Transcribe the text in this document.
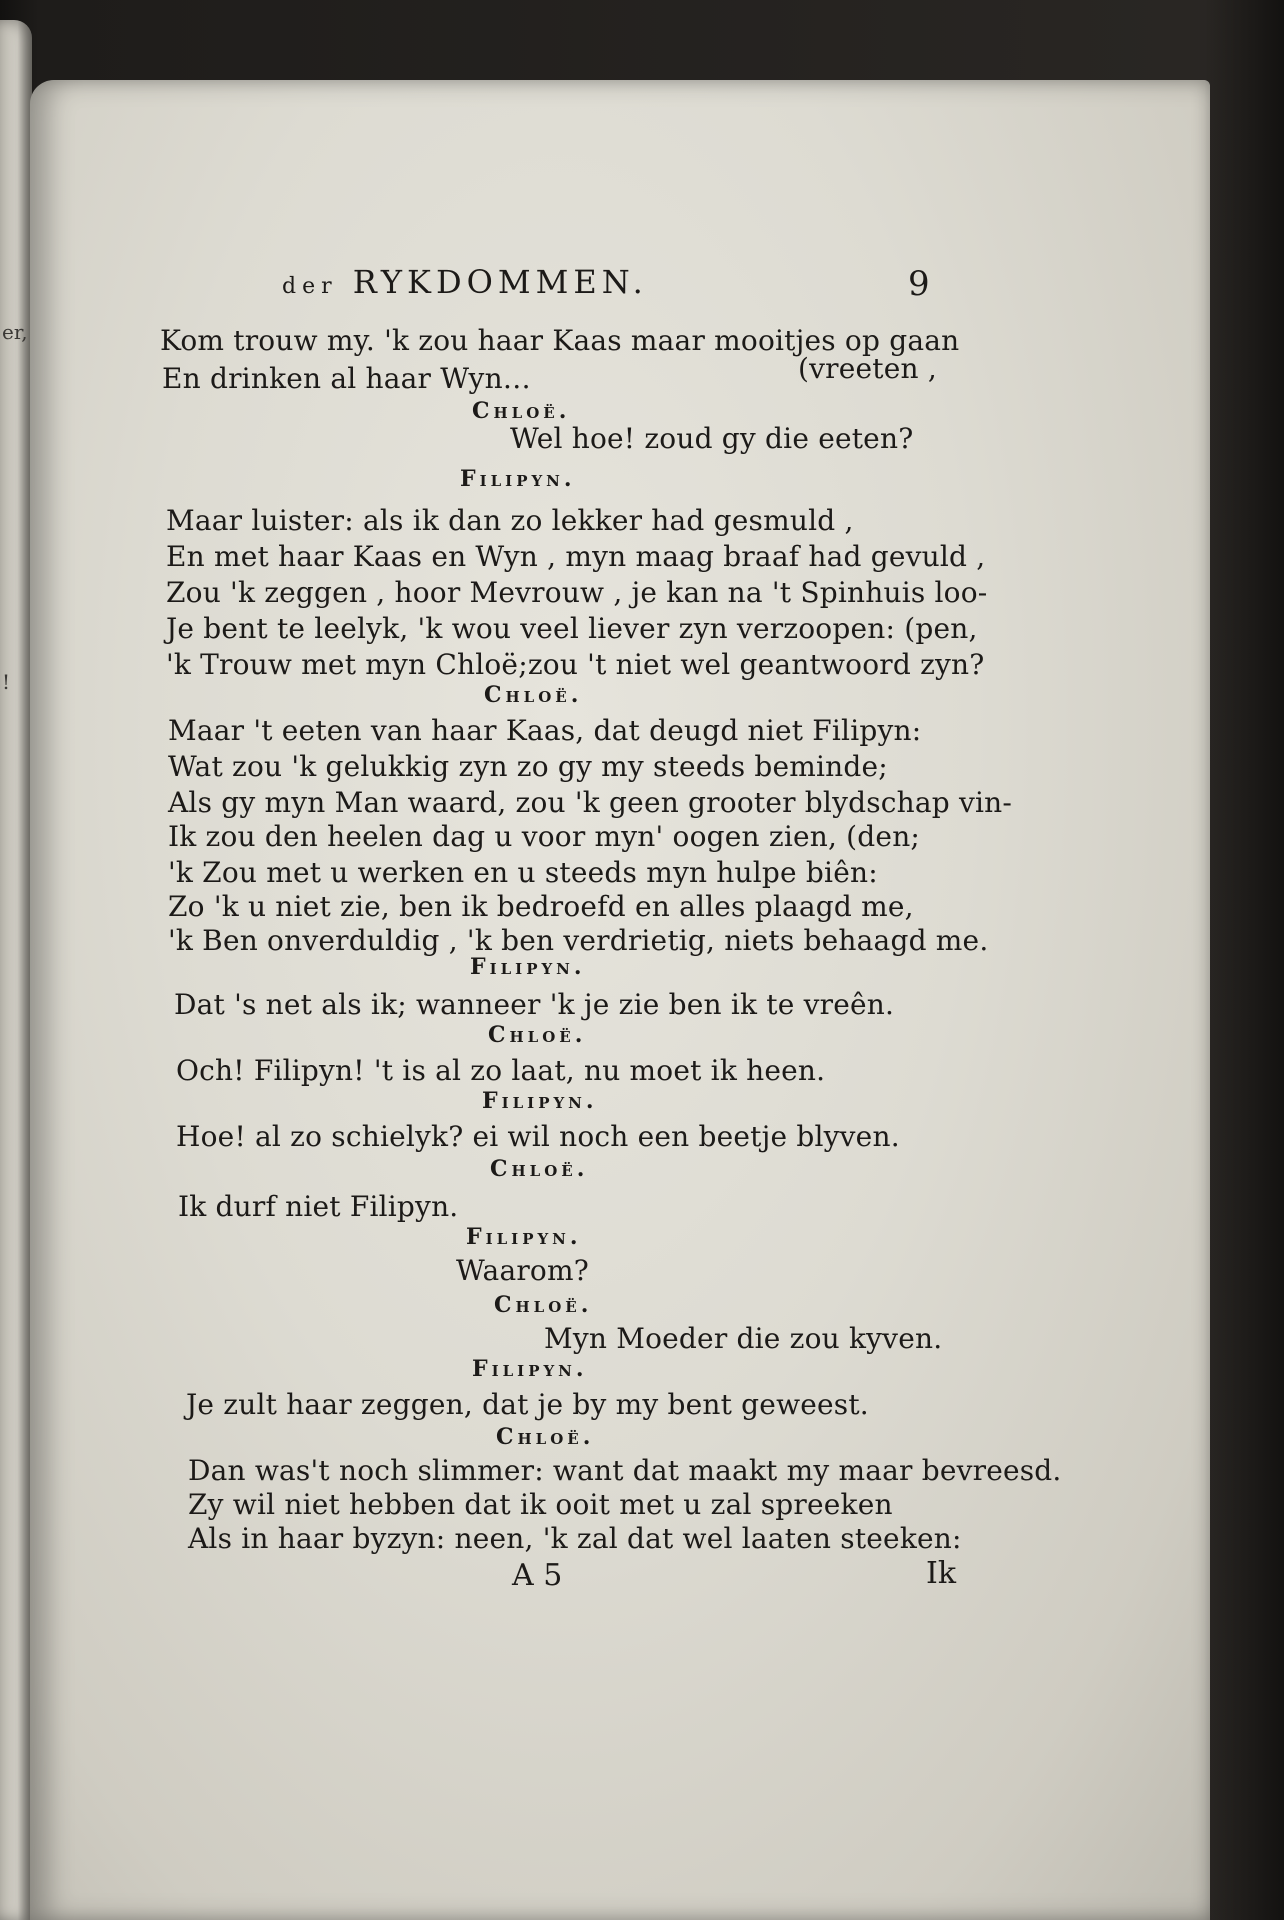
er,
!
der RYKDOMMEN.	9
Kom trouw my. 'k zou haar Kaas maar mooitjes op gaan
En drinken al haar Wyn…	(vreeten ,
Chloë.
Wel hoe! zoud gy die eeten?
Filipyn.
Maar luister: als ik dan zo lekker had gesmuld ,
En met haar Kaas en Wyn , myn maag braaf had gevuld ,
Zou 'k zeggen , hoor Mevrouw , je kan na 't Spinhuis loo-
Je bent te leelyk, 'k wou veel liever zyn verzoopen: (pen,
'k Trouw met myn Chloë;zou 't niet wel geantwoord zyn?
Chloë.
Maar 't eeten van haar Kaas, dat deugd niet Filipyn:
Wat zou 'k gelukkig zyn zo gy my steeds beminde;
Als gy myn Man waard, zou 'k geen grooter blydschap vin-
Ik zou den heelen dag u voor myn' oogen zien, (den;
'k Zou met u werken en u steeds myn hulpe biên:
Zo 'k u niet zie, ben ik bedroefd en alles plaagd me,
'k Ben onverduldig , 'k ben verdrietig, niets behaagd me.
Filipyn.
Dat 's net als ik; wanneer 'k je zie ben ik te vreên.
Chloë.
Och! Filipyn! 't is al zo laat, nu moet ik heen.
Filipyn.
Hoe! al zo schielyk? ei wil noch een beetje blyven.
Chloë.
Ik durf niet Filipyn.
Filipyn.
Waarom?
Chloë.
Myn Moeder die zou kyven.
Filipyn.
Je zult haar zeggen, dat je by my bent geweest.
Chloë.
Dan was't noch slimmer: want dat maakt my maar bevreesd.
Zy wil niet hebben dat ik ooit met u zal spreeken
Als in haar byzyn: neen, 'k zal dat wel laaten steeken:
A 5	Ik
